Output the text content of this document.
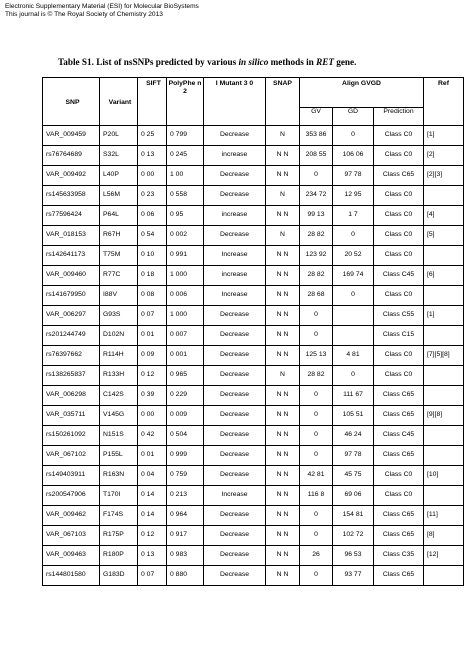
Electronic Supplementary Material (ESI) for Molecular BioSystems
This journal is © The Royal Society of Chemistry 2013
Table S1. List of nsSNPs predicted by various in silico methods in RET gene.
SNP	Variant	SIFT	PolyPhe n 2	I Mutant 3 0	SNAP	Align GVGD			Ref
						GV	GD	Prediction	
VAR_009459	P20L	0 25	0 799	Decrease	N	353 86	0	Class C0	[1]
rs76764689	S32L	0 13	0 245	increase	N N	208 55	106 06	Class C0	[2]
VAR_009492	L40P	0 00	1 00	Decrease	N N	0	97 78	Class C65	[2][3]
rs145633958	L56M	0 23	0 558	Decrease	N	234 72	12 95	Class C0	
rs77596424	P64L	0 06	0 95	increase	N N	99 13	1 7	Class C0	[4]
VAR_018153	R67H	0 54	0 002	Decrease	N	28 82	0	Class C0	[5]
rs142641173	T75M	0 10	0 991	Increase	N N	123 92	20 52	Class C0	
VAR_009460	R77C	0 18	1 000	increase	N N	28 82	169 74	Class C45	[6]
rs141679950	I88V	0 08	0 006	Increase	N N	28 68	0	Class C0	
VAR_006297	G93S	0 07	1 000	Decrease	N N	0		Class C55	[1]
rs201244749	D102N	0 01	0 007	Decrease	N N	0		Class C15	
rs76397662	R114H	0 09	0 001	Decrease	N N	125 13	4 81	Class C0	[7][5][8]
rs138265837	R133H	0 12	0 965	Decrease	N	28 82	0	Class C0	
VAR_006298	C142S	0 39	0 229	Decrease	N N	0	111 67	Class C65	
VAR_035711	V145G	0 00	0 009	Decrease	N N	0	105 51	Class C65	[9][8]
rs150261092	N151S	0 42	0 504	Decrease	N N	0	46 24	Class C45	
VAR_067102	P155L	0 01	0 999	Decrease	N N	0	97 78	Class C65	
rs149403911	R163N	0 04	0 759	Decrease	N N	42 81	45 75	Class C0	[10]
rs200547906	T170I	0 14	0 213	Increase	N N	116 8	69 06	Class C0	
VAR_009462	F174S	0 14	0 964	Decrease	N N	0	154 81	Class C65	[11]
VAR_067103	R175P	0 12	0 917	Decrease	N N	0	102 72	Class C65	[8]
VAR_009463	R180P	0 13	0 983	Decrease	N N	26	96 53	Class C35	[12]
rs144801580	G183D	0 07	0 880	Decrease	N N	0	93 77	Class C65	
